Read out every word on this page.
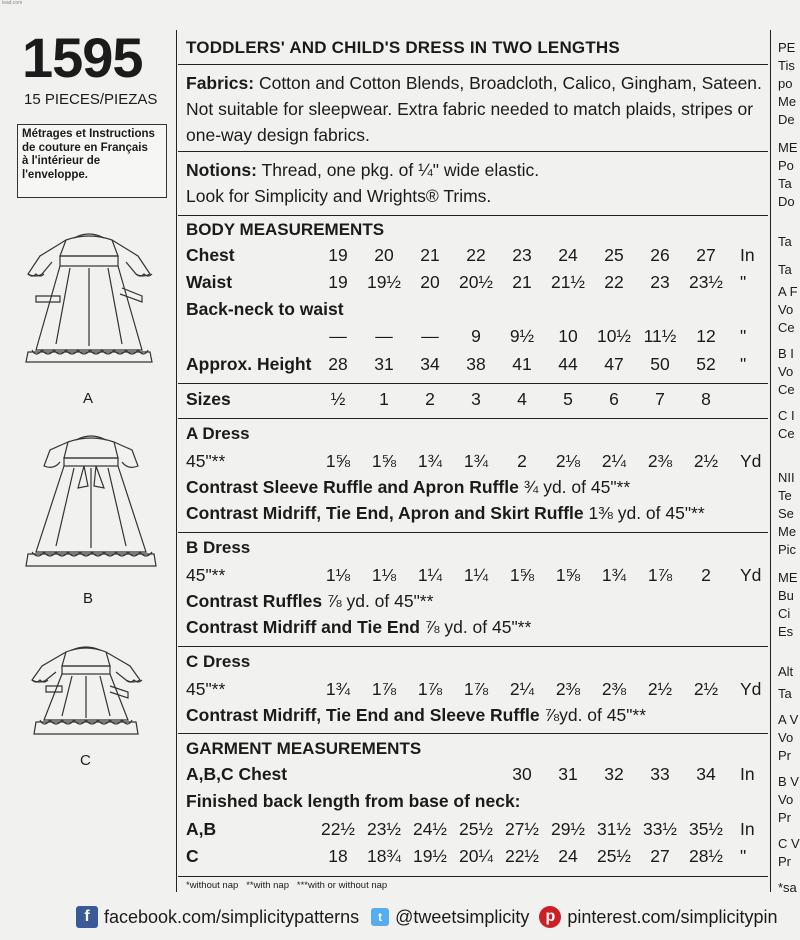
lead.com
1595
15 PIECES/PIEZAS
Métrages et Instructions
de couture en Français
à l'intérieur de
l'enveloppe.
A
B
C
TODDLERS' AND CHILD'S DRESS IN TWO LENGTHS
Fabrics: Cotton and Cotton Blends, Broadcloth, Calico, Gingham, Sateen.
Not suitable for sleepwear. Extra fabric needed to match plaids, stripes or
one-way design fabrics.
Notions: Thread, one pkg. of ¼" wide elastic.
Look for Simplicity and Wrights® Trims.
BODY MEASUREMENTS
Chest	19	20	21	22	23	24	25	26	27	In
Waist	19	19½	20	20½	21	21½	22	23	23½ "
Back-neck to waist
—	—	—	9	9½	10	10½ 11½	12	"
Approx. Height 28	31	34	38	41	44	47	50	52	"
Sizes	½	1	2	3	4	5	6	7	8
A Dress
45"**	1⅝	1⅝	1¾	1¾	2	2⅛	2¼	2⅜	2½	Yd
Contrast Sleeve Ruffle and Apron Ruffle ¾ yd. of 45"**
Contrast Midriff, Tie End, Apron and Skirt Ruffle 1⅜ yd. of 45"**
B Dress
45"**	1⅛	1⅛	1¼	1¼	1⅝	1⅝	1¾	1⅞	2	Yd
Contrast Ruffles ⅞ yd. of 45"**
Contrast Midriff and Tie End ⅞ yd. of 45"**
C Dress
45"**	1¾	1⅞	1⅞	1⅞	2¼	2⅜	2⅜	2½	2½	Yd
Contrast Midriff, Tie End and Sleeve Ruffle ⅞yd. of 45"**
GARMENT MEASUREMENTS
A,B,C Chest	30	31	32	33	34	In
Finished back length from base of neck:
A,B	22½ 23½ 24½ 25½ 27½ 29½ 31½ 33½ 35½ In
C	18	18¾ 19½ 20¼ 22½	24	25½	27	28½ "
*without nap   **with nap   ***with or without nap
PE
Tis
po
Me
De
ME
Po
Ta
Do
Ta
Ta
A F
Vo
Ce
B I
Vo
Ce
C I
Ce
NII
Te
Se
Me
Pic
ME
Bu
Ci
Es
Alt
Ta
A V
Vo
Pr
B V
Vo
Pr
C V
Pr
*sa
f facebook.com/simplicitypatterns	t @tweetsimplicity	p pinterest.com/simplicitypin
